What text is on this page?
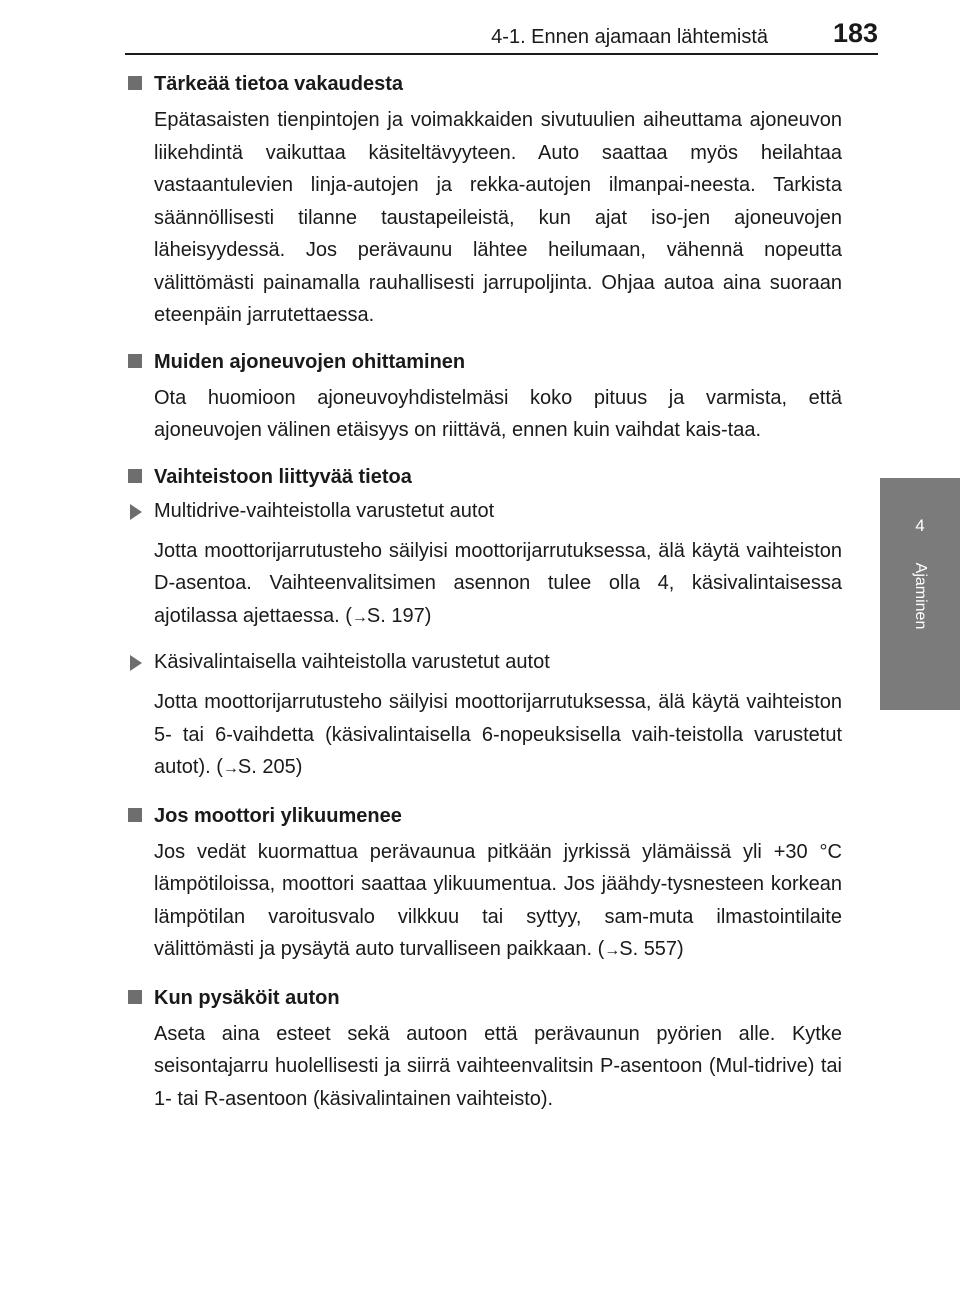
4-1. Ennen ajamaan lähtemistä 183
4
Ajaminen
Tärkeää tietoa vakaudesta
Epätasaisten tienpintojen ja voimakkaiden sivutuulien aiheuttama ajoneuvon liikehdintä vaikuttaa käsiteltävyyteen. Auto saattaa myös heilahtaa vastaantulevien linja-autojen ja rekka-autojen ilmanpai-neesta. Tarkista säännöllisesti tilanne taustapeileistä, kun ajat iso-jen ajoneuvojen läheisyydessä. Jos perävaunu lähtee heilumaan, vähennä nopeutta välittömästi painamalla rauhallisesti jarrupoljinta. Ohjaa autoa aina suoraan eteenpäin jarrutettaessa.
Muiden ajoneuvojen ohittaminen
Ota huomioon ajoneuvoyhdistelmäsi koko pituus ja varmista, että ajoneuvojen välinen etäisyys on riittävä, ennen kuin vaihdat kais-taa.
Vaihteistoon liittyvää tietoa
Multidrive-vaihteistolla varustetut autot
Jotta moottorijarrutusteho säilyisi moottorijarrutuksessa, älä käytä vaihteiston D-asentoa. Vaihteenvalitsimen asennon tulee olla 4, käsivalintaisessa ajotilassa ajettaessa. (→S. 197)
Käsivalintaisella vaihteistolla varustetut autot
Jotta moottorijarrutusteho säilyisi moottorijarrutuksessa, älä käytä vaihteiston 5- tai 6-vaihdetta (käsivalintaisella 6-nopeuksisella vaih-teistolla varustetut autot). (→S. 205)
Jos moottori ylikuumenee
Jos vedät kuormattua perävaunua pitkään jyrkissä ylämäissä yli +30 °C lämpötiloissa, moottori saattaa ylikuumentua. Jos jäähdy-tysnesteen korkean lämpötilan varoitusvalo vilkkuu tai syttyy, sam-muta ilmastointilaite välittömästi ja pysäytä auto turvalliseen paikkaan. (→S. 557)
Kun pysäköit auton
Aseta aina esteet sekä autoon että perävaunun pyörien alle. Kytke seisontajarru huolellisesti ja siirrä vaihteenvalitsin P-asentoon (Mul-tidrive) tai 1- tai R-asentoon (käsivalintainen vaihteisto).
